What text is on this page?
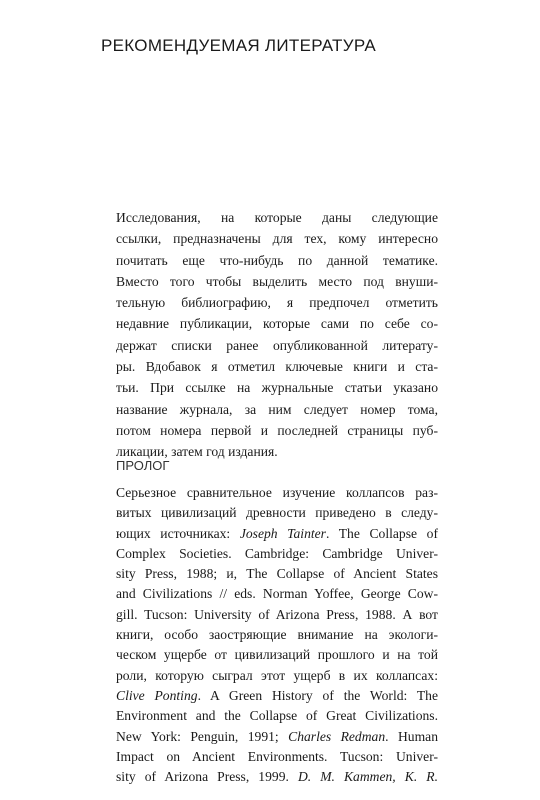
РЕКОМЕНДУЕМАЯ ЛИТЕРАТУРА
Исследования, на которые даны следующие
ссылки, предназначены для тех, кому интересно
почитать еще что-нибудь по данной тематике.
Вместо того чтобы выделить место под внуши-
тельную библиографию, я предпочел отметить
недавние публикации, которые сами по себе со-
держат списки ранее опубликованной литерату-
ры. Вдобавок я отметил ключевые книги и ста-
тьи. При ссылке на журнальные статьи указано
название журнала, за ним следует номер тома,
потом номера первой и последней страницы пуб-
ликации, затем год издания.
ПРОЛОГ
Серьезное сравнительное изучение коллапсов раз-
витых цивилизаций древности приведено в следу-
ющих источниках: Joseph Tainter. The Collapse of
Complex Societies. Cambridge: Cambridge Univer-
sity Press, 1988; и, The Collapse of Ancient States
and Civilizations // eds. Norman Yoffee, George Cow-
gill. Tucson: University of Arizona Press, 1988. А вот
книги, особо заостряющие внимание на экологи-
ческом ущербе от цивилизаций прошлого и на той
роли, которую сыграл этот ущерб в их коллапсах:
Clive Ponting. A Green History of the World: The
Environment and the Collapse of Great Civilizations.
New York: Penguin, 1991; Charles Redman. Human
Impact on Ancient Environments. Tucson: Univer-
sity of Arizona Press, 1999. D. M. Kammen, K. R.
